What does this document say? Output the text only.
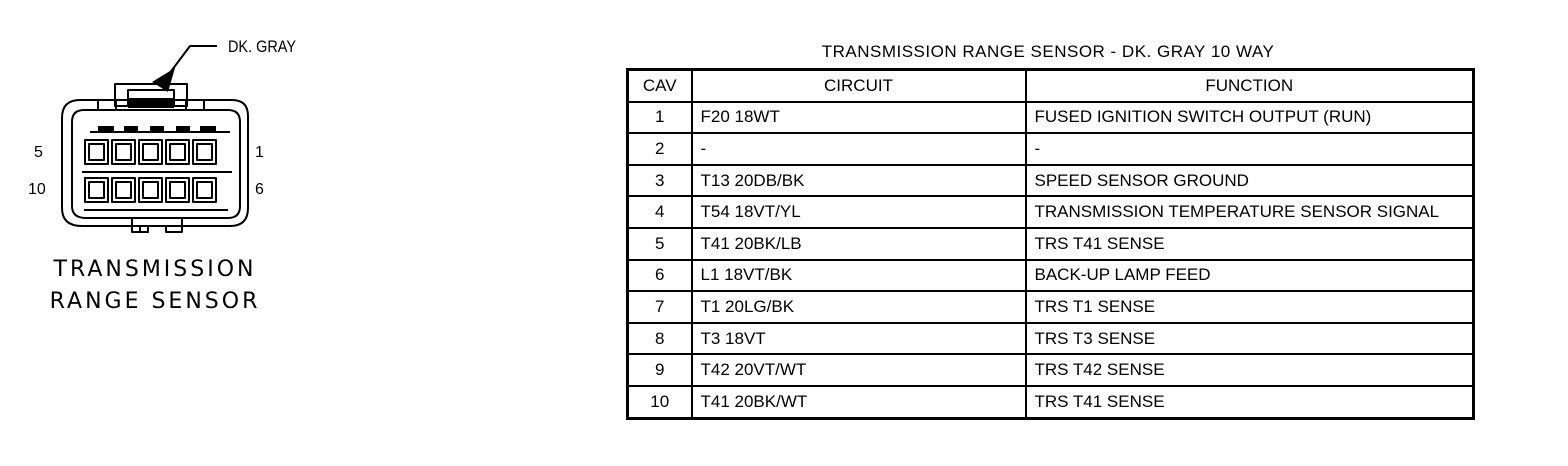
DK. GRAY
5	1
10	6
TRANSMISSION
RANGE SENSOR
TRANSMISSION RANGE SENSOR - DK. GRAY 10 WAY
CAV	CIRCUIT	FUNCTION
1	F20 18WT	FUSED IGNITION SWITCH OUTPUT (RUN)
2	-	-
3	T13 20DB/BK	SPEED SENSOR GROUND
4	T54 18VT/YL	TRANSMISSION TEMPERATURE SENSOR SIGNAL
5	T41 20BK/LB	TRS T41 SENSE
6	L1 18VT/BK	BACK-UP LAMP FEED
7	T1 20LG/BK	TRS T1 SENSE
8	T3 18VT	TRS T3 SENSE
9	T42 20VT/WT	TRS T42 SENSE
10	T41 20BK/WT	TRS T41 SENSE
